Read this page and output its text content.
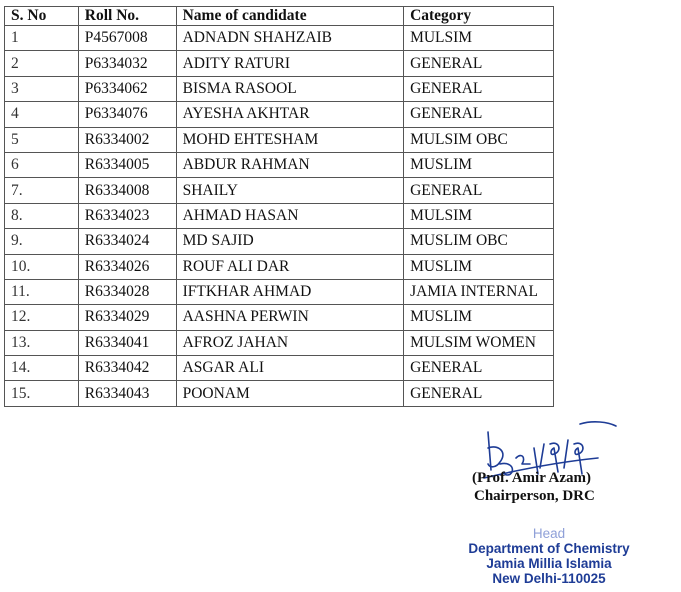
S. No	Roll No.	Name of candidate	Category
1	P4567008	ADNADN SHAHZAIB	MULSIM
2	P6334032	ADITY RATURI	GENERAL
3	P6334062	BISMA RASOOL	GENERAL
4	P6334076	AYESHA AKHTAR	GENERAL
5	R6334002	MOHD EHTESHAM	MULSIM OBC
6	R6334005	ABDUR RAHMAN	MUSLIM
7.	R6334008	SHAILY	GENERAL
8.	R6334023	AHMAD HASAN	MULSIM
9.	R6334024	MD SAJID	MUSLIM OBC
10.	R6334026	ROUF ALI DAR	MUSLIM
11.	R6334028	IFTKHAR AHMAD	JAMIA INTERNAL
12.	R6334029	AASHNA PERWIN	MUSLIM
13.	R6334041	AFROZ JAHAN	MULSIM WOMEN
14.	R6334042	ASGAR ALI	GENERAL
15.	R6334043	POONAM	GENERAL
(Prof. Amir Azam)
Chairperson, DRC
Head
Department of Chemistry
Jamia Millia Islamia
New Delhi-110025
